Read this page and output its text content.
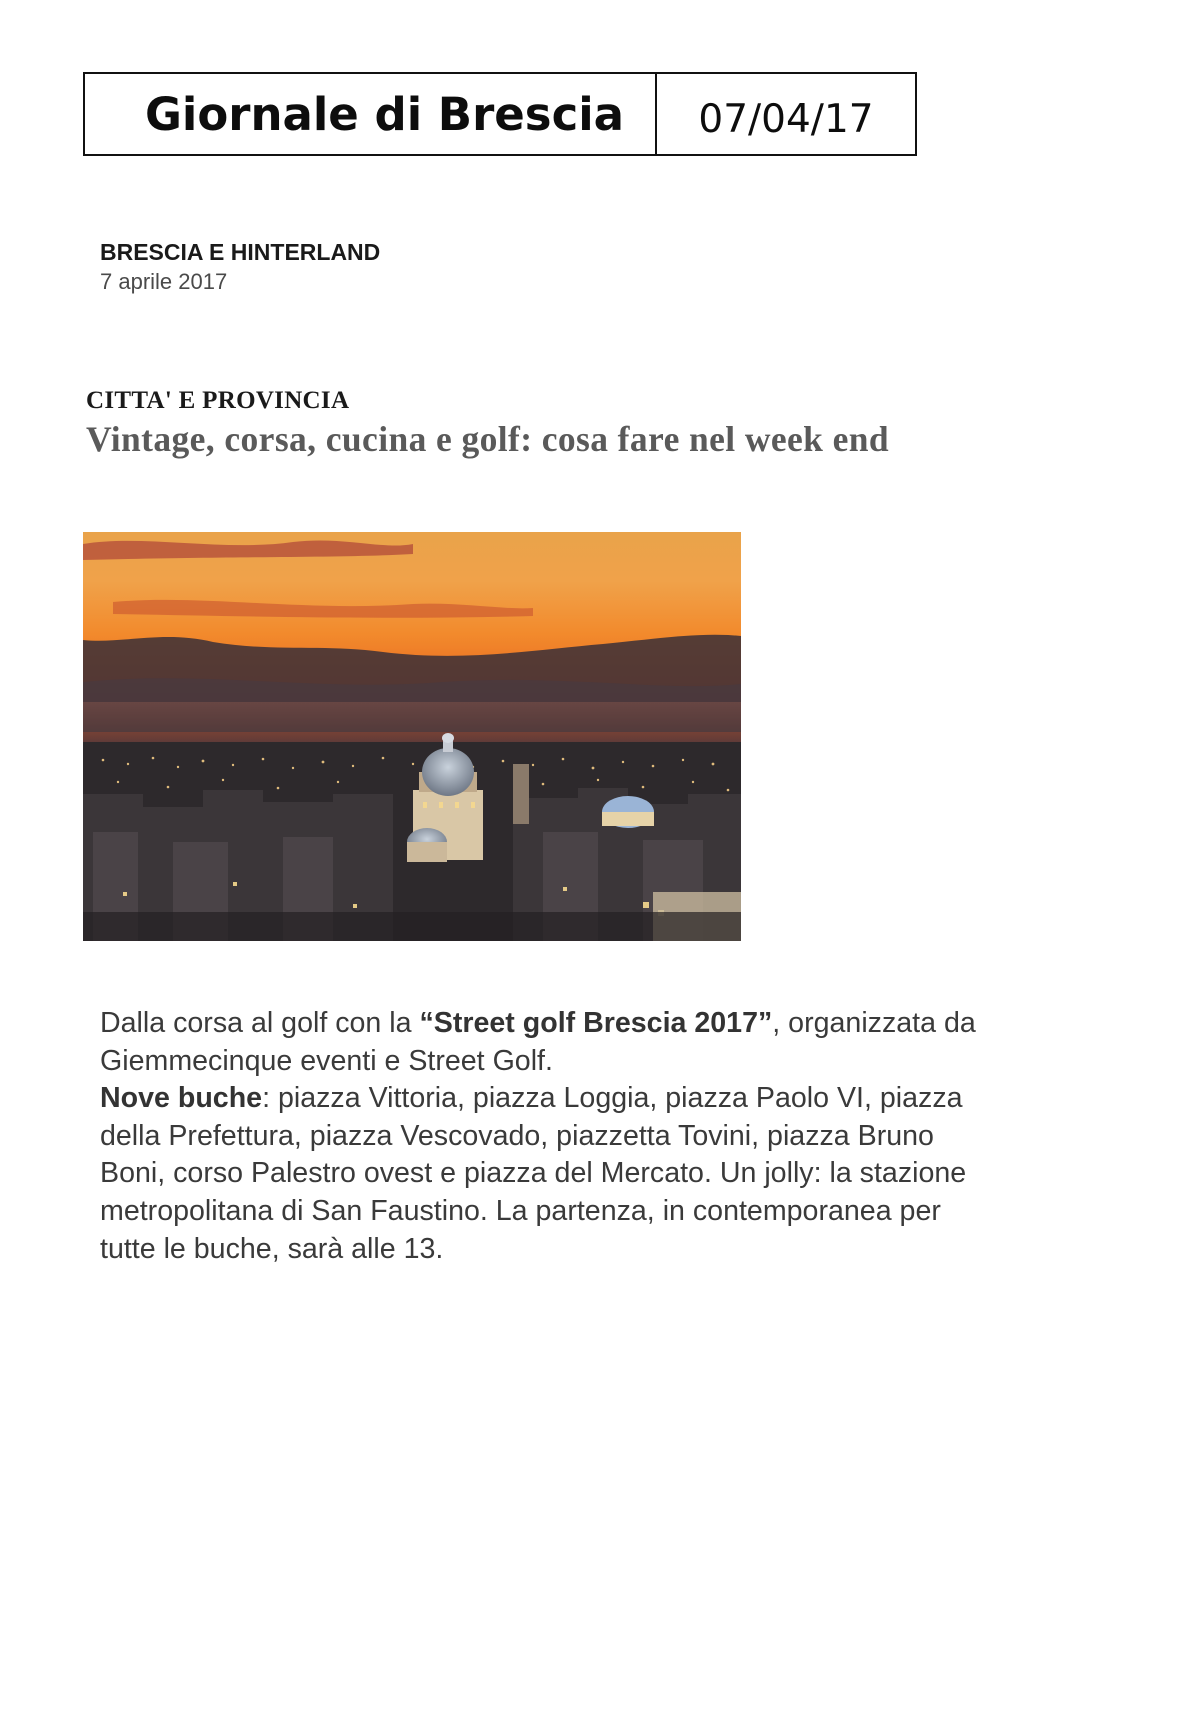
Giornale di Brescia	07/04/17
BRESCIA E HINTERLAND
7 aprile 2017
CITTA' E PROVINCIA
Vintage, corsa, cucina e golf: cosa fare nel week end
Dalla corsa al golf con la “Street golf Brescia 2017”, organizzata da
Giemmecinque eventi e Street Golf.
Nove buche: piazza Vittoria, piazza Loggia, piazza Paolo VI, piazza
della Prefettura, piazza Vescovado, piazzetta Tovini, piazza Bruno
Boni, corso Palestro ovest e piazza del Mercato. Un jolly: la stazione
metropolitana di San Faustino. La partenza, in contemporanea per
tutte le buche, sarà alle 13.
